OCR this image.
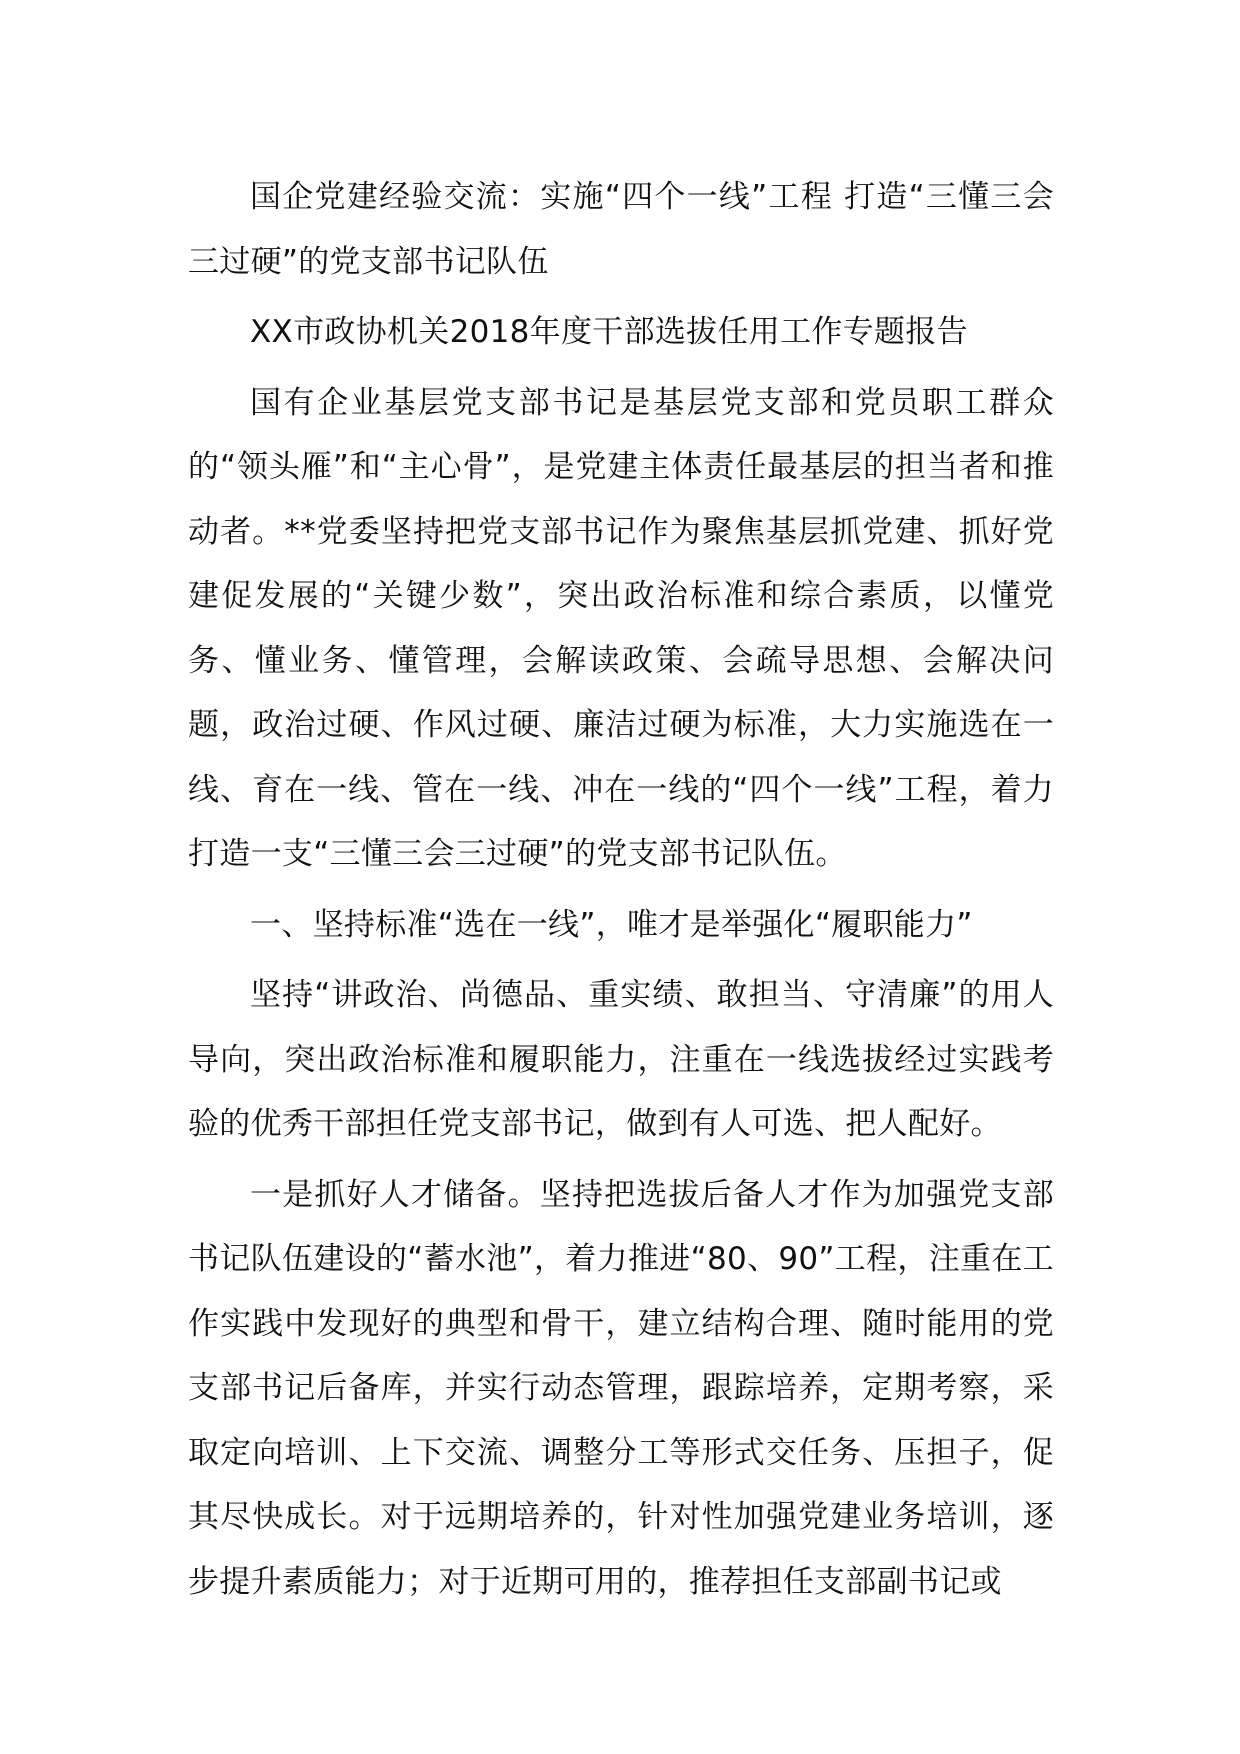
国企党建经验交流：实施“四个一线”工程 打造“三懂三会三过硬”的党支部书记队伍

XX市政协机关2018年度干部选拔任用工作专题报告

国有企业基层党支部书记是基层党支部和党员职工群众的“领头雁”和“主心骨”，是党建主体责任最基层的担当者和推动者。**党委坚持把党支部书记作为聚焦基层抓党建、抓好党建促发展的“关键少数”，突出政治标准和综合素质，以懂党务、懂业务、懂管理，会解读政策、会疏导思想、会解决问题，政治过硬、作风过硬、廉洁过硬为标准，大力实施选在一线、育在一线、管在一线、冲在一线的“四个一线”工程，着力打造一支“三懂三会三过硬”的党支部书记队伍。

一、坚持标准“选在一线”，唯才是举强化“履职能力”

坚持“讲政治、尚德品、重实绩、敢担当、守清廉”的用人导向，突出政治标准和履职能力，注重在一线选拔经过实践考验的优秀干部担任党支部书记，做到有人可选、把人配好。

一是抓好人才储备。坚持把选拔后备人才作为加强党支部书记队伍建设的“蓄水池”，着力推进“80、90”工程，注重在工作实践中发现好的典型和骨干，建立结构合理、随时能用的党支部书记后备库，并实行动态管理，跟踪培养，定期考察，采取定向培训、上下交流、调整分工等形式交任务、压担子，促其尽快成长。对于远期培养的，针对性加强党建业务培训，逐步提升素质能力；对于近期可用的，推荐担任支部副书记或
